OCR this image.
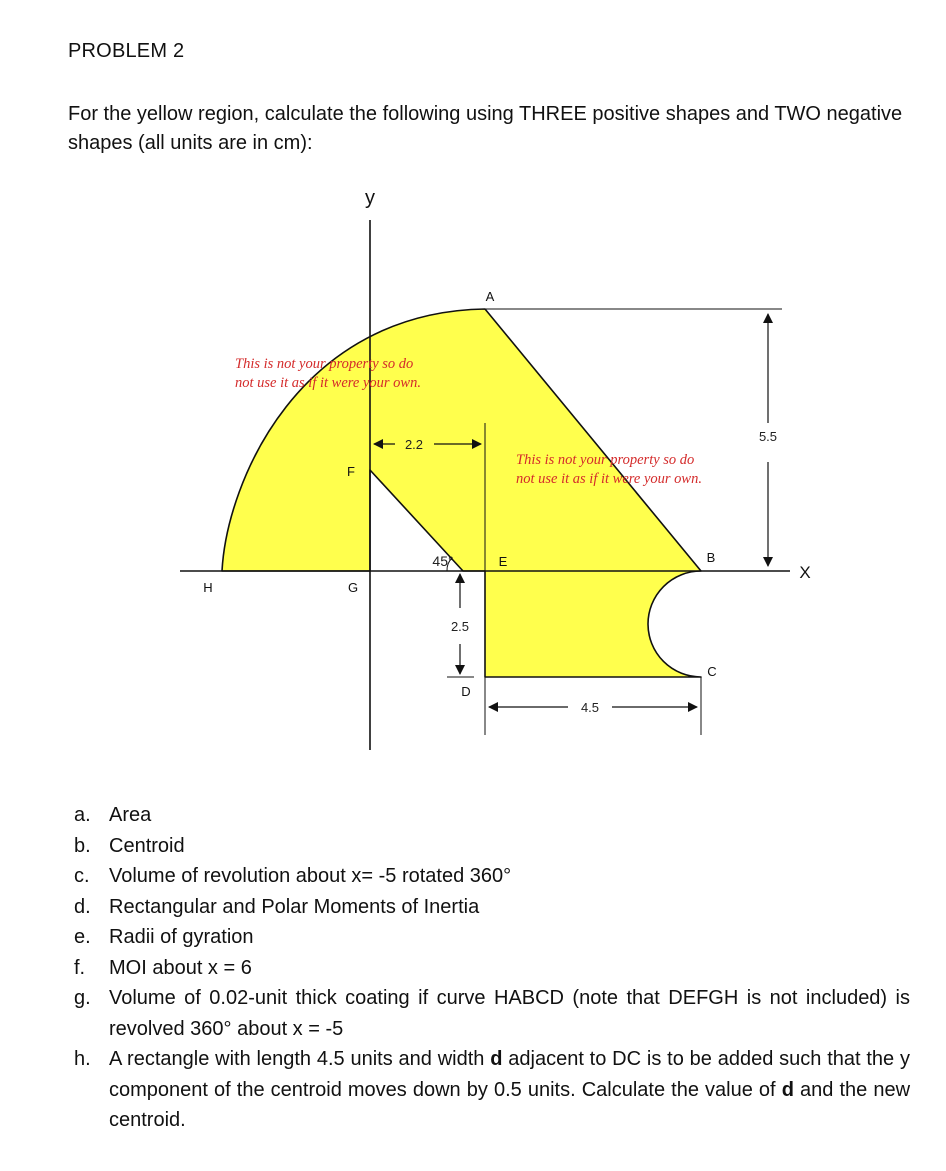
PROBLEM 2
For the yellow region, calculate the following using THREE positive shapes and TWO negative shapes (all units are in cm):
5.5
2.2
45°
2.5
4.5
y
X
A
B
C
D
E
F
G
H
This is not your property so do
not use it as if it were your own.
This is not your property so do
not use it as if it were your own.
a. Area
b. Centroid
c. Volume of revolution about x= -5 rotated 360°
d. Rectangular and Polar Moments of Inertia
e. Radii of gyration
f.	MOI about x = 6
g. Volume of 0.02-unit thick coating if curve HABCD (note that DEFGH is not included) is revolved 360° about x = -5
h. A rectangle with length 4.5 units and width d adjacent to DC is to be added such that the y component of the centroid moves down by 0.5 units. Calculate the value of d and the new centroid.
